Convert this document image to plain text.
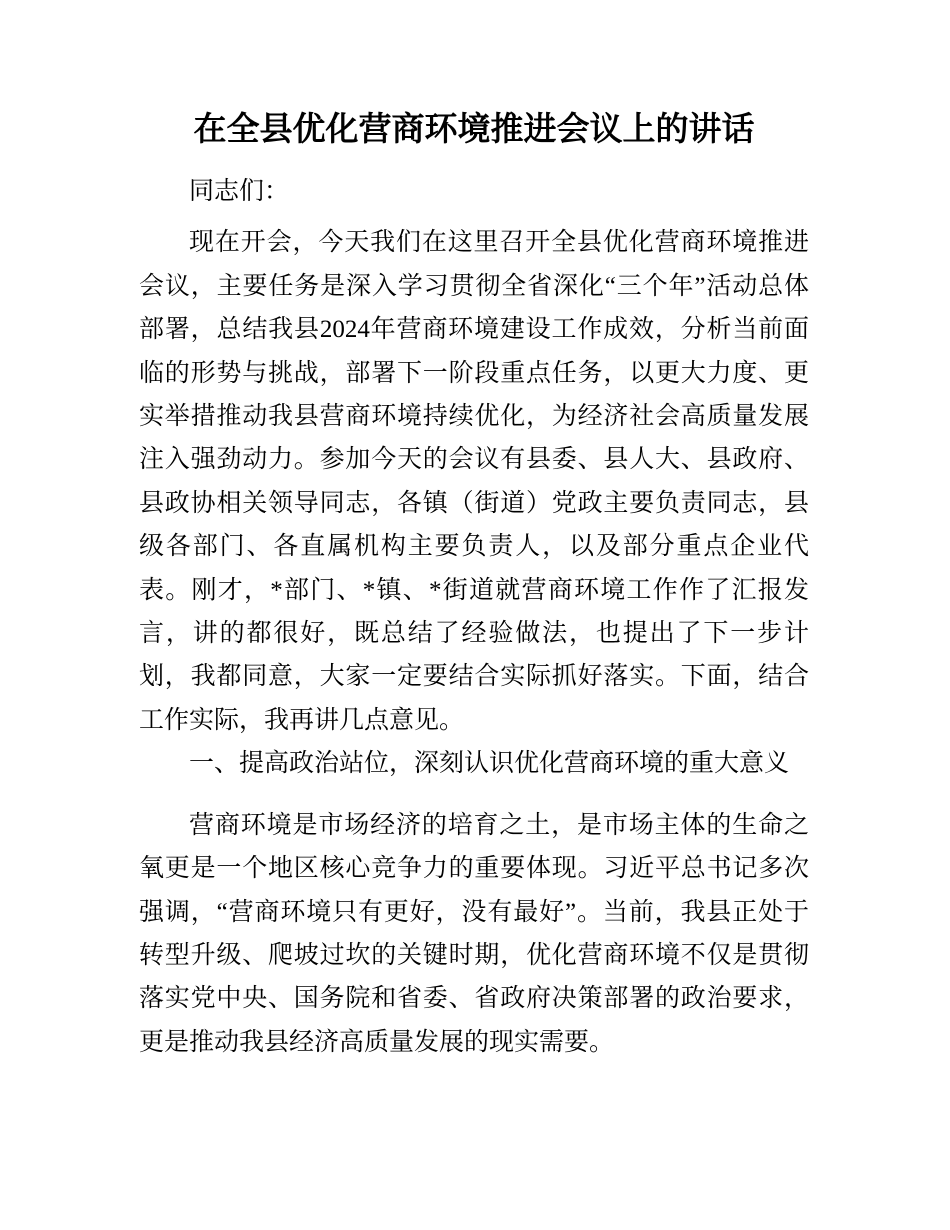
在全县优化营商环境推进会议上的讲话

同志们：

现在开会，今天我们在这里召开全县优化营商环境推进会议，主要任务是深入学习贯彻全省深化“三个年”活动总体部署，总结我县2024年营商环境建设工作成效，分析当前面临的形势与挑战，部署下一阶段重点任务，以更大力度、更实举措推动我县营商环境持续优化，为经济社会高质量发展注入强劲动力。参加今天的会议有县委、县人大、县政府、县政协相关领导同志，各镇（街道）党政主要负责同志，县级各部门、各直属机构主要负责人，以及部分重点企业代表。刚才，*部门、*镇、*街道就营商环境工作作了汇报发言，讲的都很好，既总结了经验做法，也提出了下一步计划，我都同意，大家一定要结合实际抓好落实。下面，结合工作实际，我再讲几点意见。

一、提高政治站位，深刻认识优化营商环境的重大意义

营商环境是市场经济的培育之土，是市场主体的生命之氧更是一个地区核心竞争力的重要体现。习近平总书记多次强调，“营商环境只有更好，没有最好”。当前，我县正处于转型升级、爬坡过坎的关键时期，优化营商环境不仅是贯彻落实党中央、国务院和省委、省政府决策部署的政治要求，更是推动我县经济高质量发展的现实需要。
